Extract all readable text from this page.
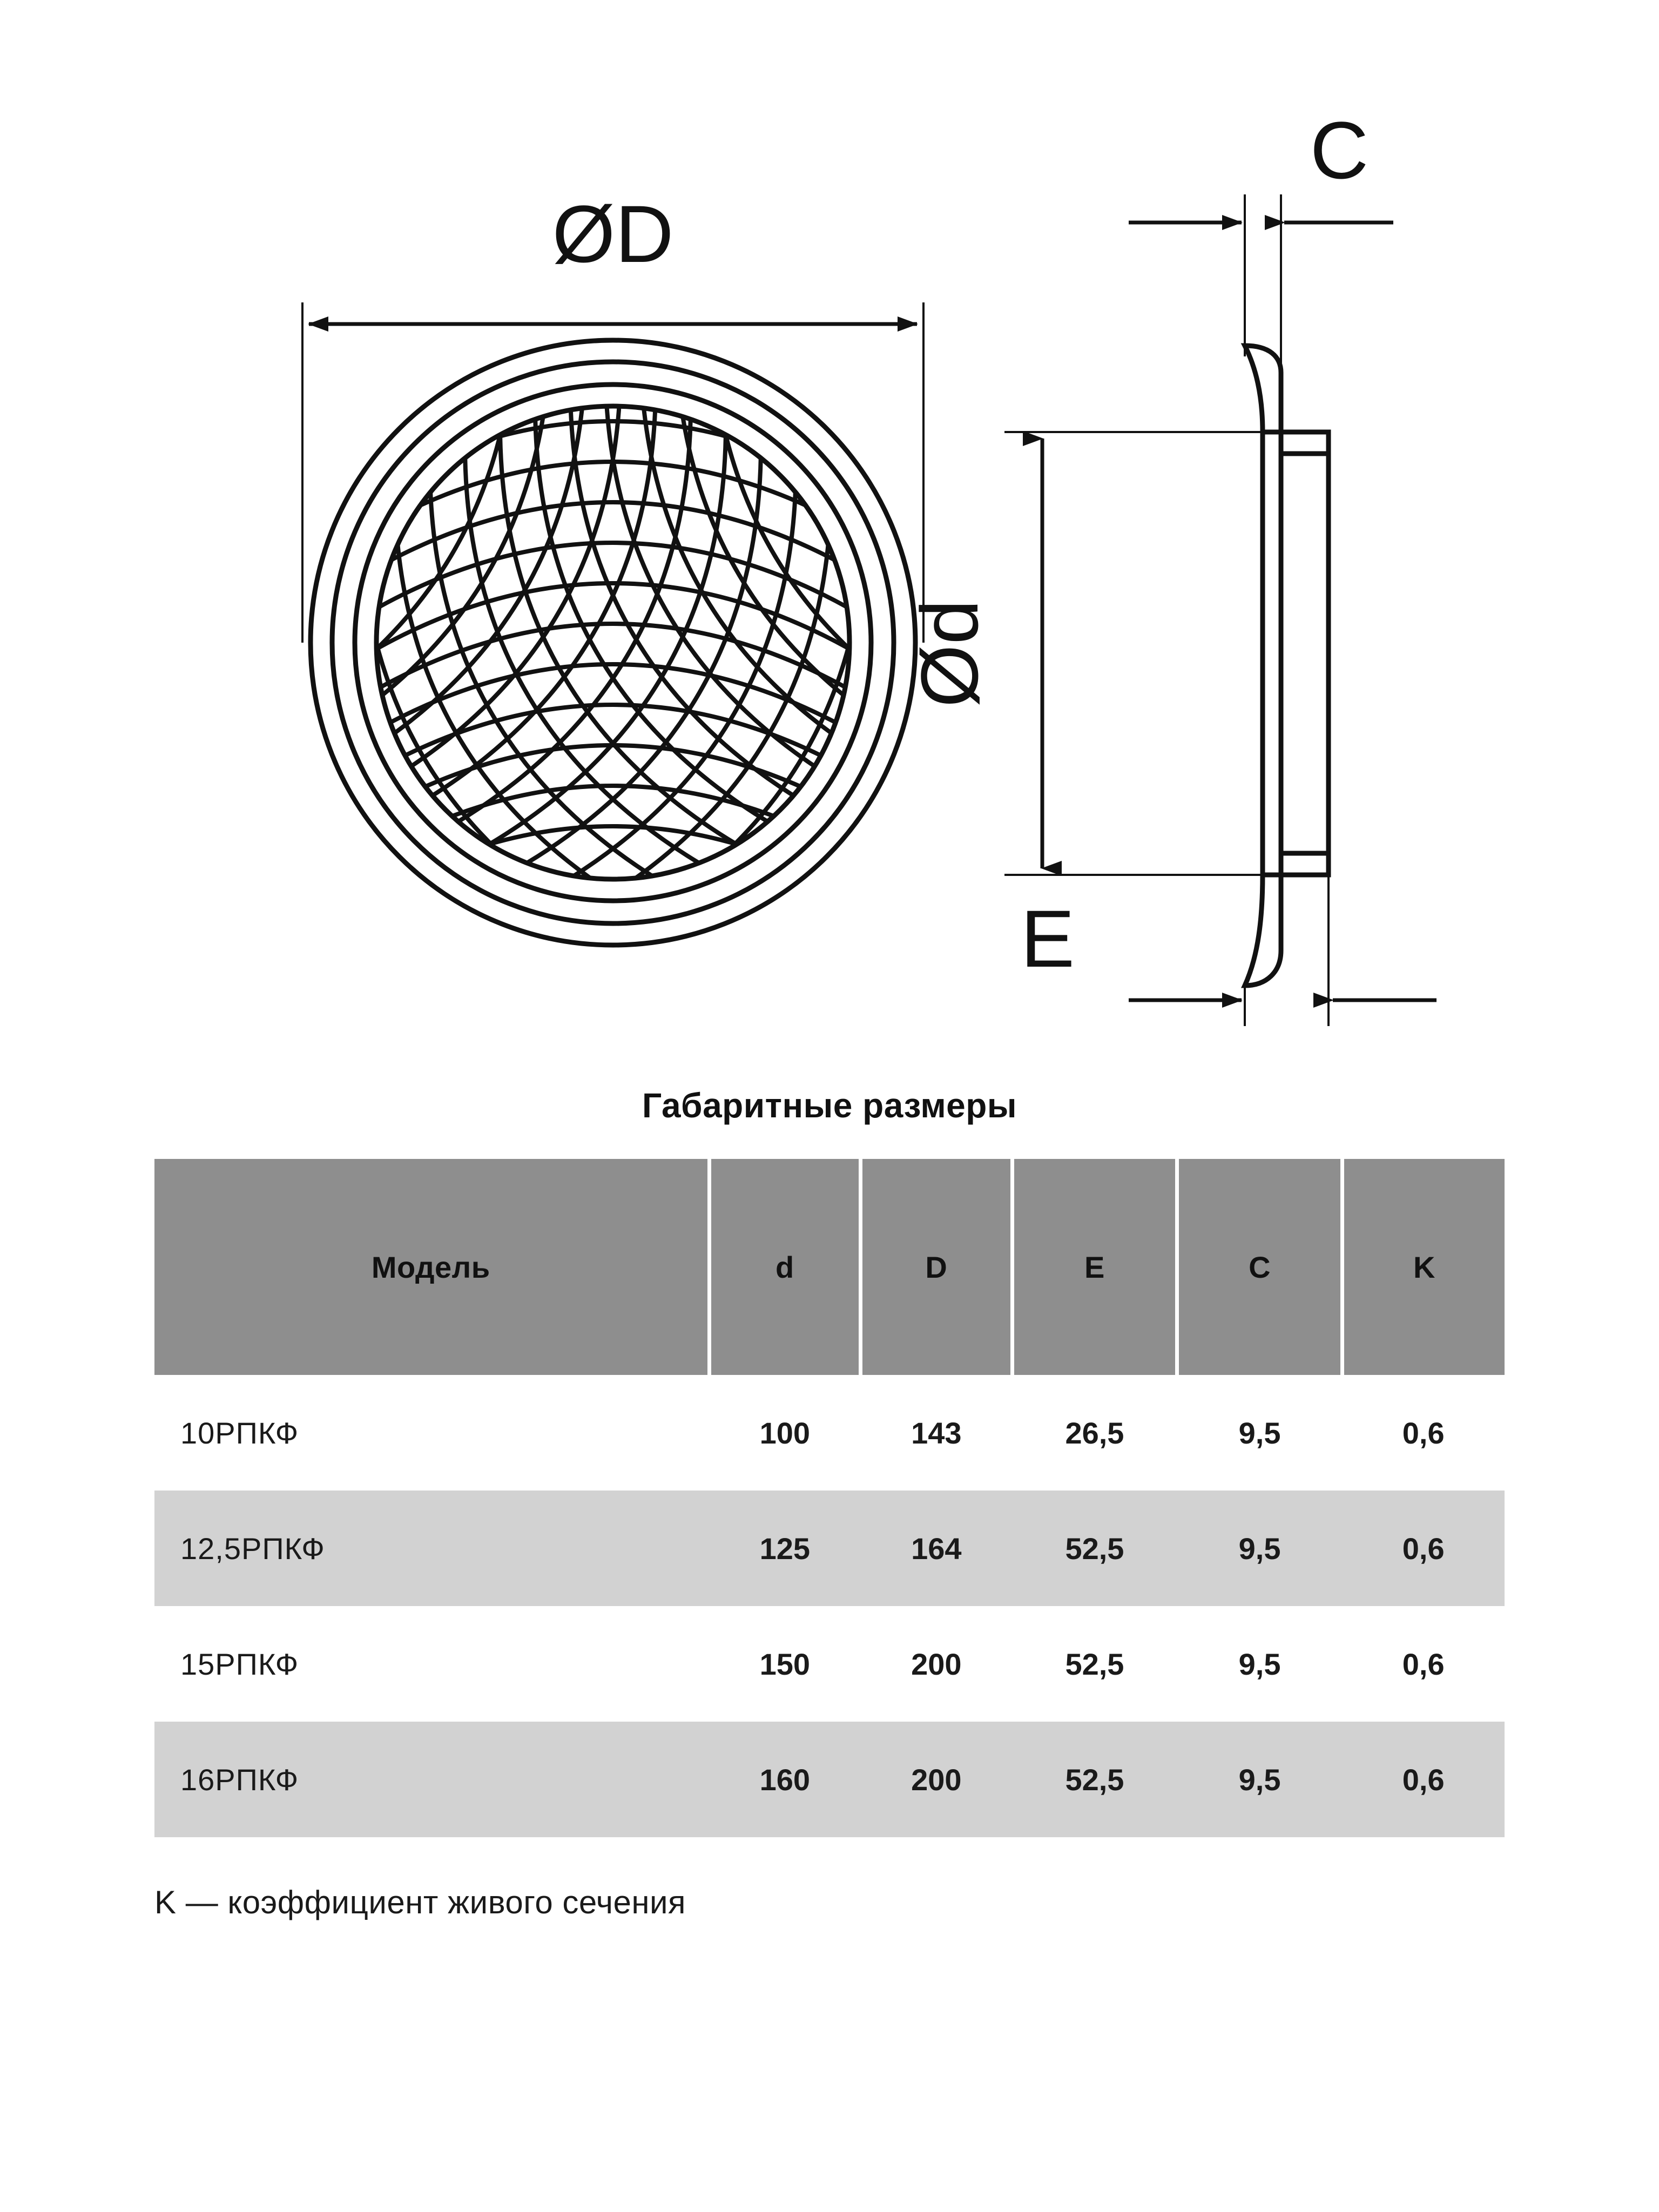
ØD
C
Ød
E
Габаритные размеры
Модель	d	D	E	C	K
10РПКФ	100	143	26,5	9,5	0,6
12,5РПКФ	125	164	52,5	9,5	0,6
15РПКФ	150	200	52,5	9,5	0,6
16РПКФ	160	200	52,5	9,5	0,6
K — коэффициент живого сечения
